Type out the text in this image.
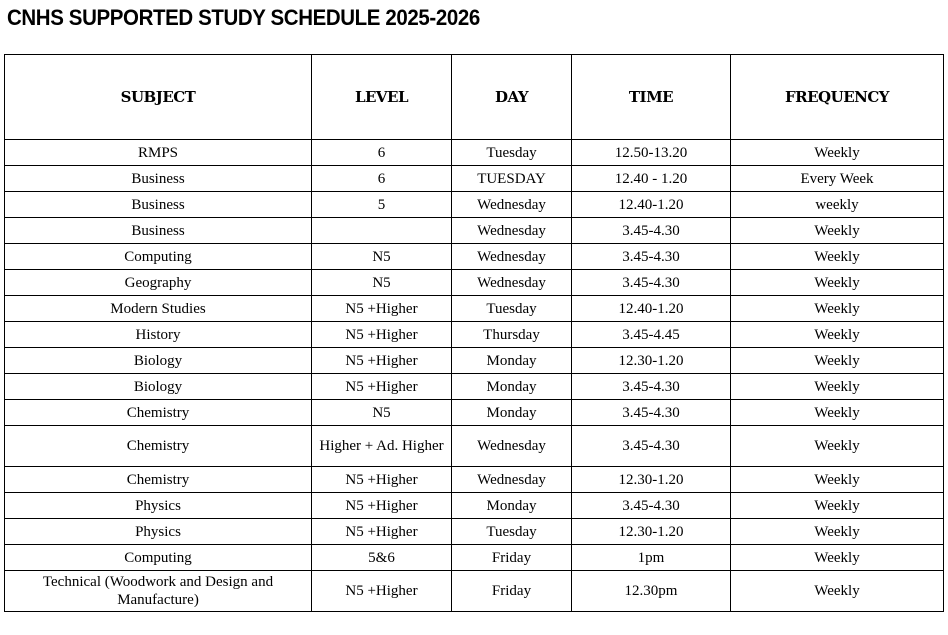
CNHS SUPPORTED STUDY SCHEDULE 2025-2026
SUBJECT	LEVEL	DAY	TIME	FREQUENCY
RMPS	6	Tuesday	12.50-13.20	Weekly
Business	6	TUESDAY	12.40 - 1.20	Every Week
Business	5	Wednesday	12.40-1.20	weekly
Business		Wednesday	3.45-4.30	Weekly
Computing	N5	Wednesday	3.45-4.30	Weekly
Geography	N5	Wednesday	3.45-4.30	Weekly
Modern Studies	N5 +Higher	Tuesday	12.40-1.20	Weekly
History	N5 +Higher	Thursday	3.45-4.45	Weekly
Biology	N5 +Higher	Monday	12.30-1.20	Weekly
Biology	N5 +Higher	Monday	3.45-4.30	Weekly
Chemistry	N5	Monday	3.45-4.30	Weekly
Chemistry	Higher + Ad. Higher	Wednesday	3.45-4.30	Weekly
Chemistry	N5 +Higher	Wednesday	12.30-1.20	Weekly
Physics	N5 +Higher	Monday	3.45-4.30	Weekly
Physics	N5 +Higher	Tuesday	12.30-1.20	Weekly
Computing	5&6	Friday	1pm	Weekly
Technical (Woodwork and Design and Manufacture)	N5 +Higher	Friday	12.30pm	Weekly
